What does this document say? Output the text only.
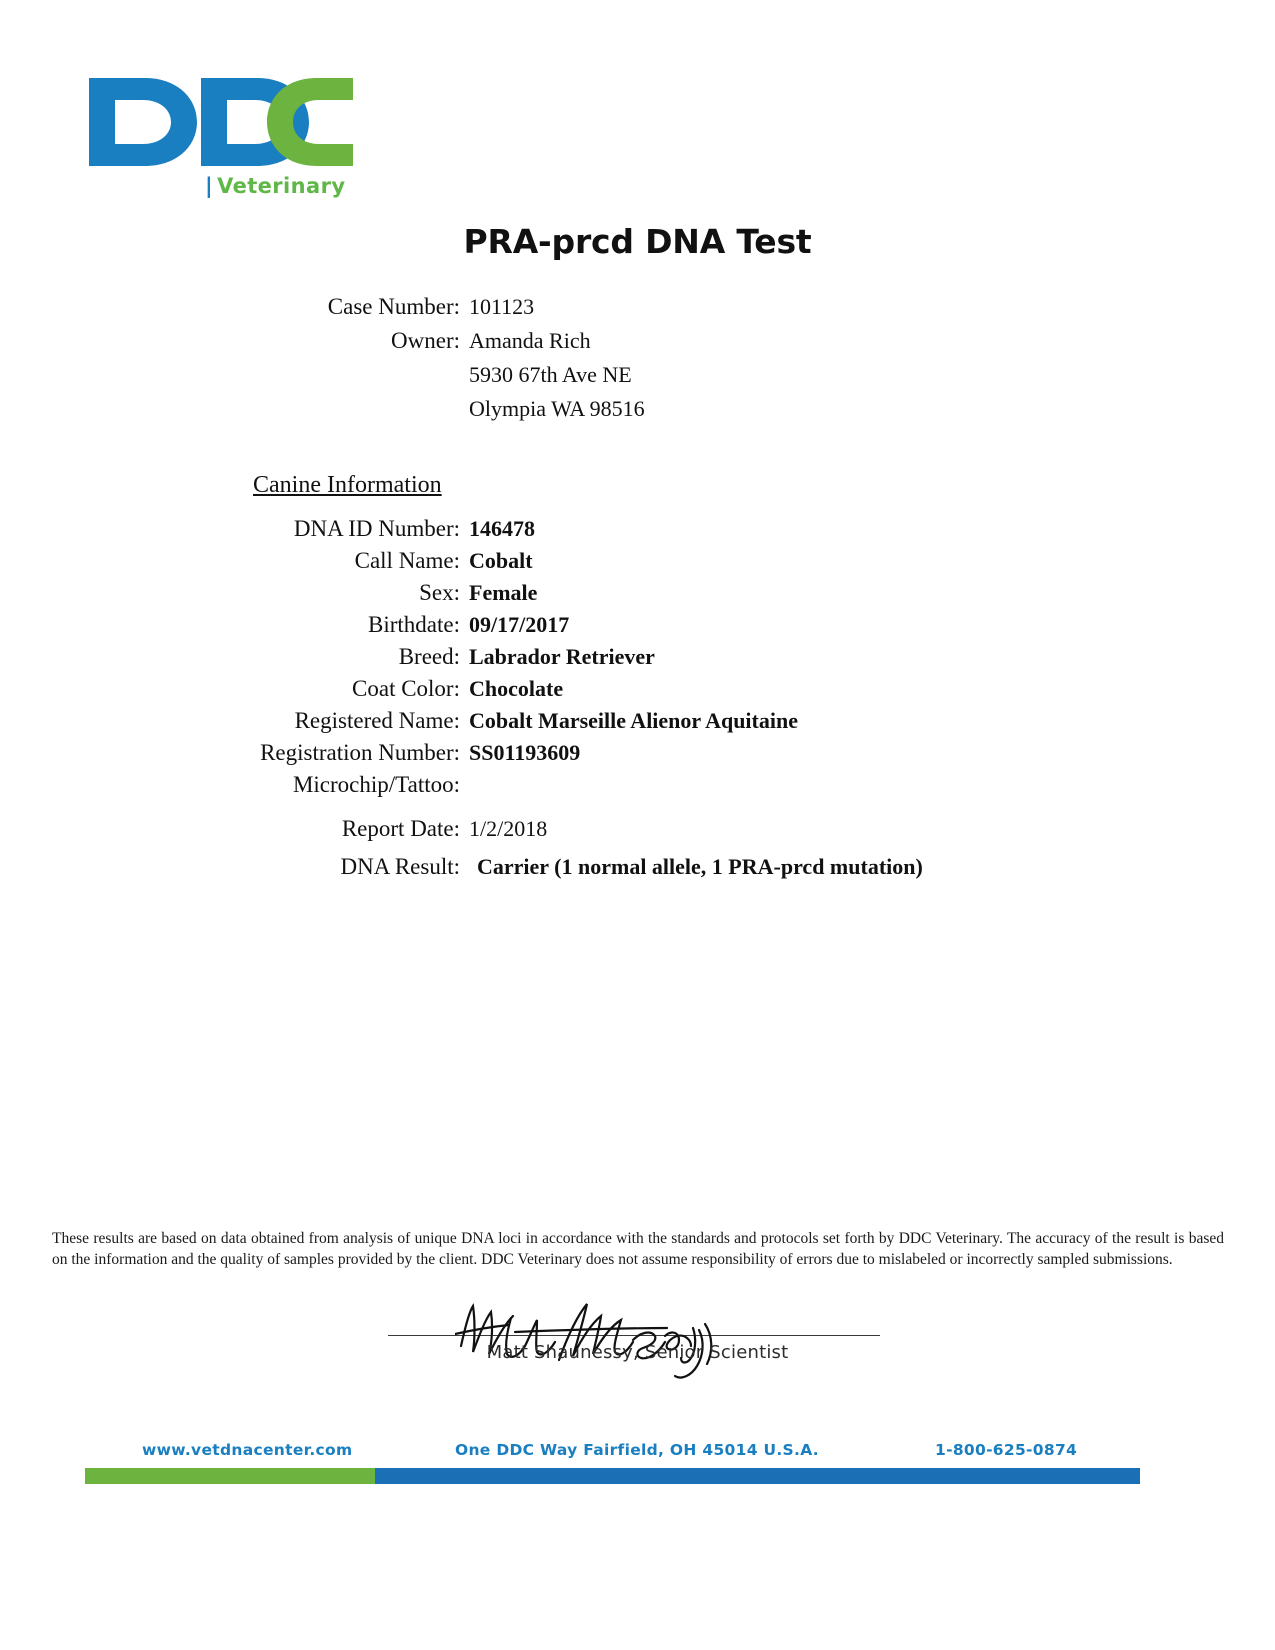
| Veterinary
PRA-prcd DNA Test
Case Number: 101123
Owner: Amanda Rich
5930 67th Ave NE
Olympia WA 98516
Canine Information
DNA ID Number: 146478
Call Name: Cobalt
Sex: Female
Birthdate: 09/17/2017
Breed: Labrador Retriever
Coat Color: Chocolate
Registered Name: Cobalt Marseille Alienor Aquitaine
Registration Number: SS01193609
Microchip/Tattoo:
Report Date: 1/2/2018
DNA Result: Carrier (1 normal allele, 1 PRA-prcd mutation)
These results are based on data obtained from analysis of unique DNA loci in accordance with the standards and protocols set forth by DDC Veterinary. The accuracy of the result is based on the information and the quality of samples provided by the client. DDC Veterinary does not assume responsibility of errors due to mislabeled or incorrectly sampled submissions.
Matt Shaunessy, Senior Scientist
www.vetdnacenter.com	One DDC Way Fairfield, OH 45014 U.S.A.	1-800-625-0874
